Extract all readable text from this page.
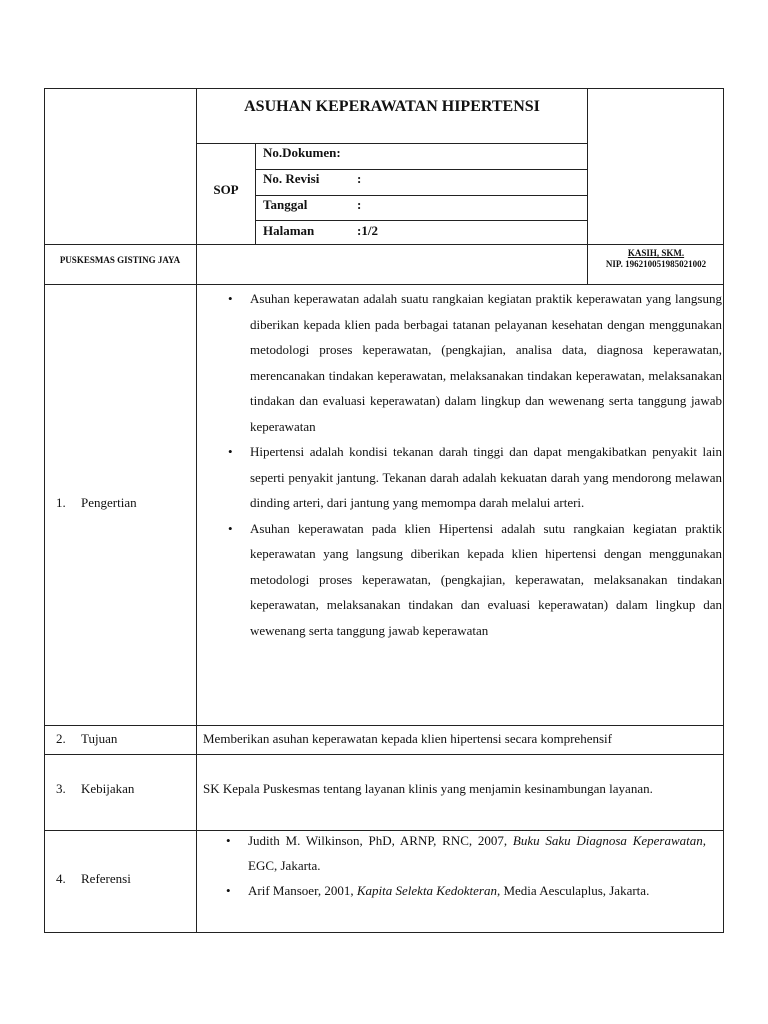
ASUHAN KEPERAWATAN HIPERTENSI
SOP
No.Dokumen:
No. Revisi	:
Tanggal	:
Halaman	:1/2
PUSKESMAS GISTING JAYA
KASIH, SKM.
NIP. 196210051985021002
1. Pengertian
• Asuhan keperawatan adalah suatu rangkaian kegiatan praktik keperawatan yang langsung diberikan kepada klien pada berbagai tatanan pelayanan kesehatan dengan menggunakan metodologi proses keperawatan, (pengkajian, analisa data, diagnosa keperawatan, merencanakan tindakan keperawatan, melaksanakan tindakan keperawatan, melaksanakan tindakan dan evaluasi keperawatan) dalam lingkup dan wewenang serta tanggung jawab keperawatan
• Hipertensi adalah kondisi tekanan darah tinggi dan dapat mengakibatkan penyakit lain seperti penyakit jantung. Tekanan darah adalah kekuatan darah yang mendorong melawan dinding arteri, dari jantung yang memompa darah melalui arteri.
• Asuhan keperawatan pada klien Hipertensi adalah sutu rangkaian kegiatan praktik keperawatan yang langsung diberikan kepada klien hipertensi dengan menggunakan metodologi proses keperawatan, (pengkajian, keperawatan, melaksanakan tindakan keperawatan, melaksanakan tindakan dan evaluasi keperawatan) dalam lingkup dan wewenang serta tanggung jawab keperawatan
2. Tujuan	Memberikan asuhan keperawatan kepada klien hipertensi secara komprehensif
3. Kebijakan	SK Kepala Puskesmas tentang layanan klinis yang menjamin kesinambungan layanan.
4. Referensi
• Judith M. Wilkinson, PhD, ARNP, RNC, 2007, Buku Saku Diagnosa Keperawatan, EGC, Jakarta.
• Arif Mansoer, 2001, Kapita Selekta Kedokteran, Media Aesculaplus, Jakarta.
